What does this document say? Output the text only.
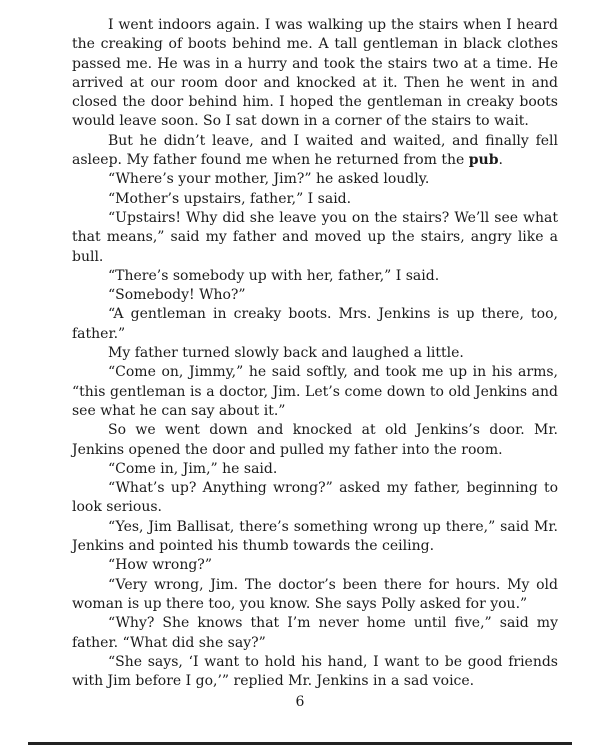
I went indoors again. I was walking up the stairs when I heard the creaking of boots behind me. A tall gentleman in black clothes passed me. He was in a hurry and took the stairs two at a time. He arrived at our room door and knocked at it. Then he went in and closed the door behind him. I hoped the gentleman in creaky boots would leave soon. So I sat down in a corner of the stairs to wait.

But he didn’t leave, and I waited and waited, and finally fell asleep. My father found me when he returned from the pub.

“Where’s your mother, Jim?” he asked loudly.

“Mother’s upstairs, father,” I said.

“Upstairs! Why did she leave you on the stairs? We’ll see what that means,” said my father and moved up the stairs, angry like a bull.

“There’s somebody up with her, father,” I said.

“Somebody! Who?”

“A gentleman in creaky boots. Mrs. Jenkins is up there, too, father.”

My father turned slowly back and laughed a little.

“Come on, Jimmy,” he said softly, and took me up in his arms, “this gentleman is a doctor, Jim. Let’s come down to old Jenkins and see what he can say about it.”

So we went down and knocked at old Jenkins’s door. Mr. Jenkins opened the door and pulled my father into the room.

“Come in, Jim,” he said.

“What’s up? Anything wrong?” asked my father, beginning to look serious.

“Yes, Jim Ballisat, there’s something wrong up there,” said Mr. Jenkins and pointed his thumb towards the ceiling.

“How wrong?”

“Very wrong, Jim. The doctor’s been there for hours. My old woman is up there too, you know. She says Polly asked for you.”

“Why? She knows that I’m never home until five,” said my father. “What did she say?”

“She says, ‘I want to hold his hand, I want to be good friends with Jim before I go,’” replied Mr. Jenkins in a sad voice.

6
